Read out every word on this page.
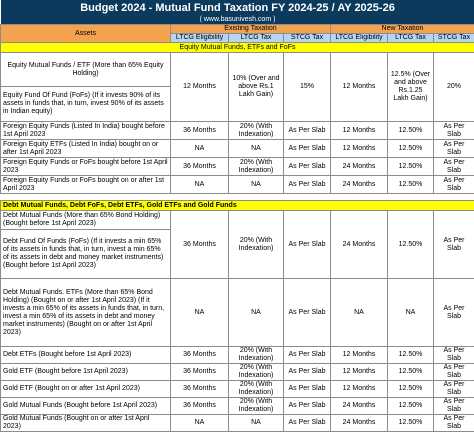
Budget 2024 - Mutual Fund Taxation FY 2024-25 / AY 2025-26						
( www.basunivesh.com )						
Assets	Existing Taxation			New Taxation		
	LTCG Eligibility	LTCG Tax	STCG Tax	LTCG Eligibility	LTCG Tax	STCG Tax
Equity Mutual Funds, ETFs and FoFs						
Equity Mutual Funds / ETF (More than 65% Equity Holding)	12 Months	10% (Over and above Rs.1 Lakh Gain)	15%	12 Months	12.5% (Over and above Rs.1.25 Lakh Gain)	20%
Equity Fund Of Fund (FoFs) (If it invests 90% of its assets in funds that, in turn, invest 90% of its assets in Indian equity)						
Foreign Equity Funds (Listed In India) bought before 1st April 2023	36 Months	20% (With Indexation)	As Per Slab	12 Months	12.50%	As Per Slab
Foreign Equity ETFs (Listed In India) bought on or after 1st April 2023	NA	NA	As Per Slab	12 Months	12.50%	As Per Slab
Foreign Equity Funds or FoFs bought before 1st April 2023	36 Months	20% (With Indexation)	As Per Slab	24 Months	12.50%	As Per Slab
Foreign Equity Funds or FoFs bought on or after 1st April 2023	NA	NA	As Per Slab	24 Months	12.50%	As Per Slab

Debt Mutual Funds, Debt FoFs, Debt ETFs, Gold ETFs and Gold Funds						
Debt Mutual Funds (More than 65% Bond Holding) (Bought before 1st April 2023)	36 Months	20% (With Indexation)	As Per Slab	24 Months	12.50%	As Per Slab
Debt Fund Of Funds (FoFs) (If it invests a min 65% of its assets in funds that, in turn, invest a min 65% of its assets in debt and money market instruments) (Bought before 1st April 2023)						
Debt Mutual Funds. ETFs (More than 65% Bond Holding) (Bought on or after 1st April 2023) (If it invests a min 65% of its assets in funds that, in turn, invest a min 65% of its assets in debt and money market instruments) (Bought on or after 1st April 2023)	NA	NA	As Per Slab	NA	NA	As Per Slab
Debt ETFs (Bought before 1st April 2023)	36 Months	20% (With Indexation)	As Per Slab	12 Months	12.50%	As Per Slab
Gold ETF (Bought before 1st April 2023)	36 Months	20% (With Indexation)	As Per Slab	12 Months	12.50%	As Per Slab
Gold ETF (Bought on or after 1st April 2023)	36 Months	20% (With Indexation)	As Per Slab	12 Months	12.50%	As Per Slab
Gold Mutual Funds (Bought before 1st April 2023)	36 Months	20% (With Indexation)	As Per Slab	24 Months	12.50%	As Per Slab
Gold Mutual Funds (Bought on or after 1st April 2023)	NA	NA	As Per Slab	24 Months	12.50%	As Per Slab
